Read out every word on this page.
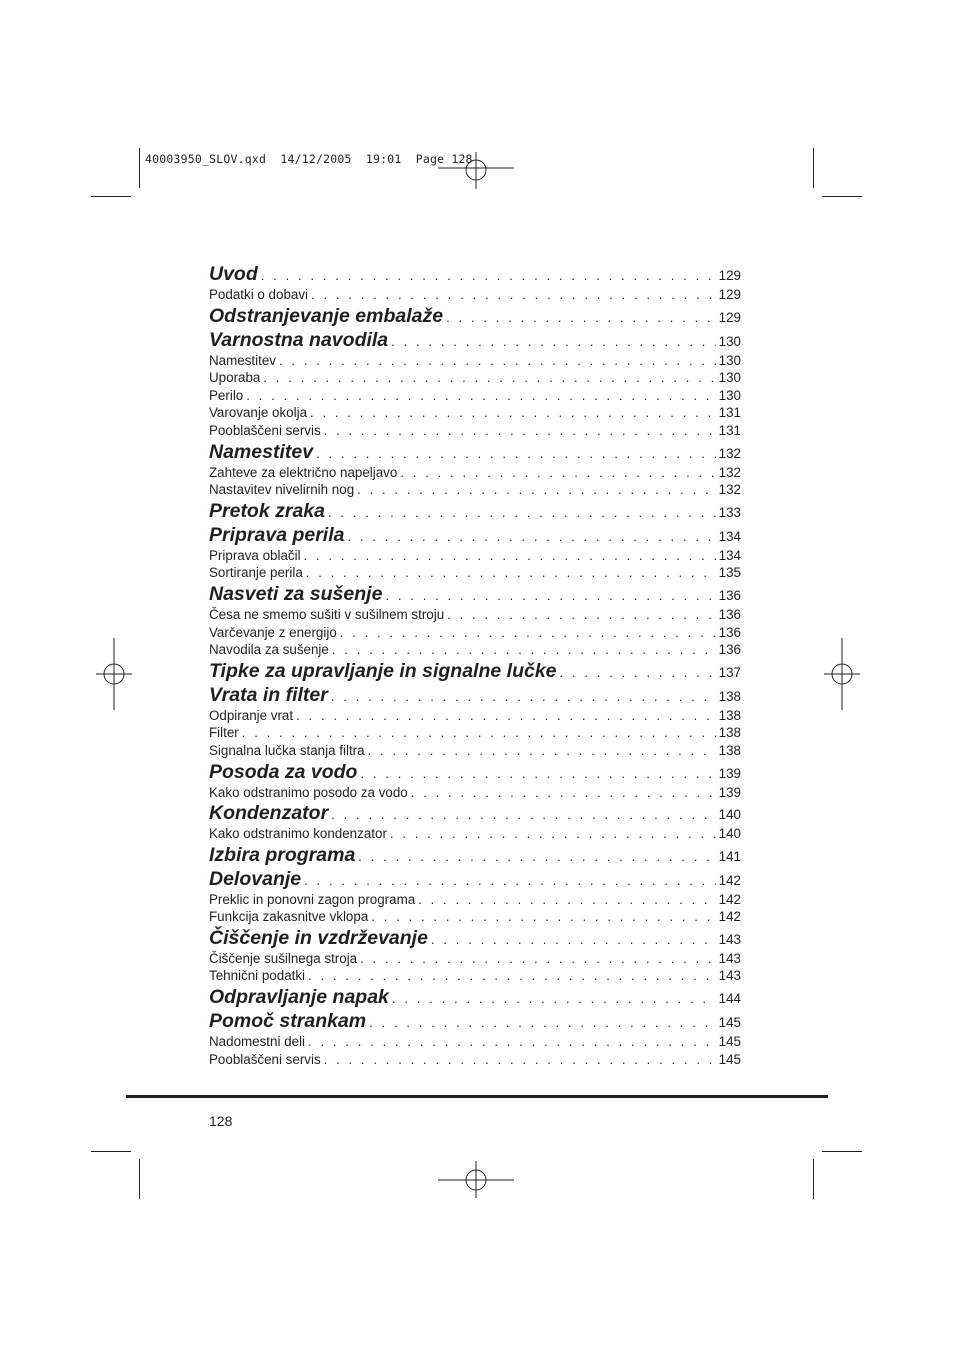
40003950_SLOV.qxd  14/12/2005  19:01  Page 128
Uvod . . .	129
Podatki o dobavi . . .	129
Odstranjevanje embalaže . . .	129
Varnostna navodila . . .	130
Namestitev . . .	130
Uporaba . . .	130
Perilo . . .	130
Varovanje okolja . . .	131
Pooblaščeni servis . . .	131
Namestitev . . .	132
Zahteve za električno napeljavo . . .	132
Nastavitev nivelirnih nog . . .	132
Pretok zraka . . .	133
Priprava perila . . .	134
Priprava oblačil . . .	134
Sortiranje perila . . .	135
Nasveti za sušenje . . .	136
Česa ne smemo sušiti v sušilnem stroju . . .	136
Varčevanje z energijo . . .	136
Navodila za sušenje . . .	136
Tipke za upravljanje in signalne lučke . . .	137
Vrata in filter . . .	138
Odpiranje vrat . . .	138
Filter . . .	138
Signalna lučka stanja filtra . . .	138
Posoda za vodo . . .	139
Kako odstranimo posodo za vodo . . .	139
Kondenzator . . .	140
Kako odstranimo kondenzator . . .	140
Izbira programa . . .	141
Delovanje . . .	142
Preklic in ponovni zagon programa . . .	142
Funkcija zakasnitve vklopa . . .	142
Čiščenje in vzdrževanje . . .	143
Čiščenje sušilnega stroja . . .	143
Tehnični podatki . . .	143
Odpravljanje napak . . .	144
Pomoč strankam . . .	145
Nadomestni deli . . .	145
Pooblaščeni servis . . .	145
128
